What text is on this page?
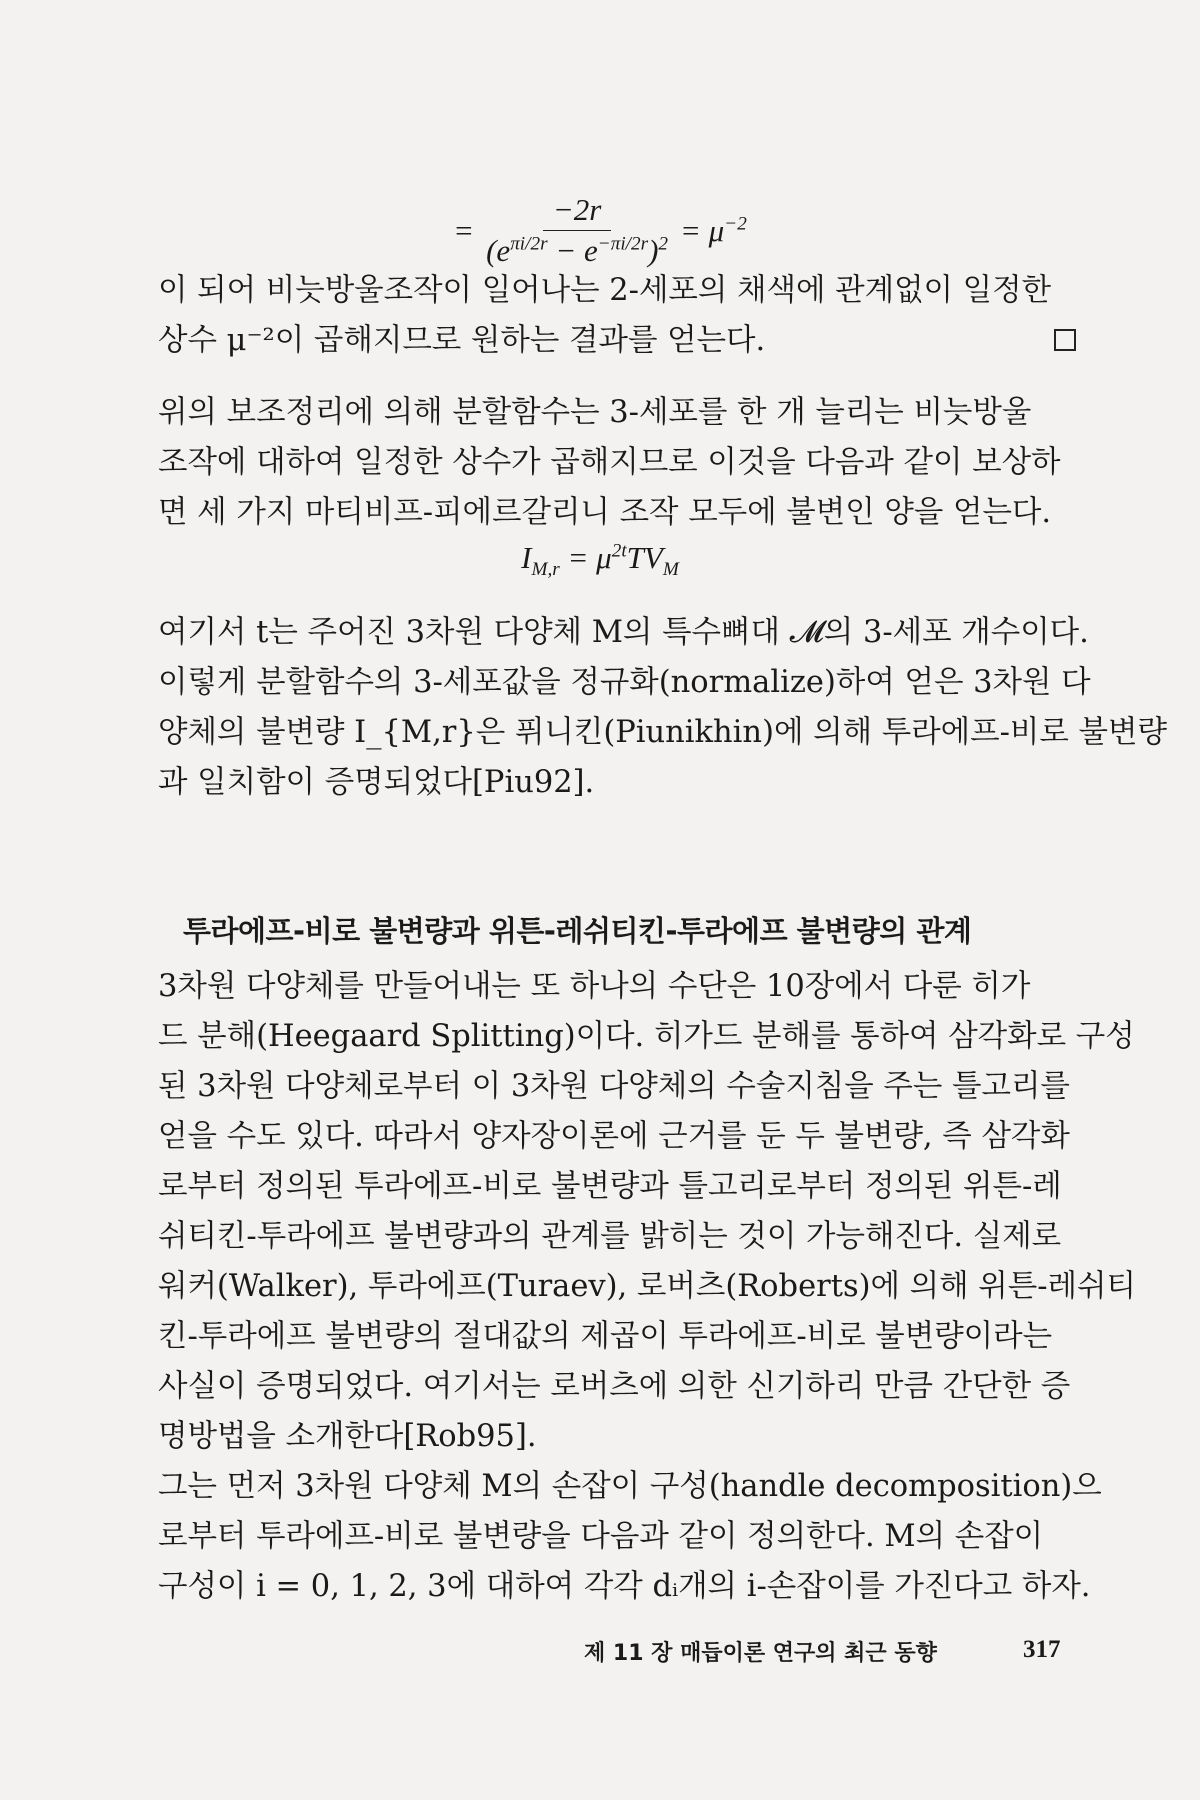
= $\frac{-2r}{(e^{\pi i/2r} - e^{-\pi i/2r})^2} = \mu^{-2}$

이 되어 비늣방울조작이 일어나는 2-세포의 채색에 관계없이 일정한
상수 μ⁻²이 곱해지므로 원하는 결과를 얻는다.

위의 보조정리에 의해 분할함수는 3-세포를 한 개 늘리는 비늣방울
조작에 대하여 일정한 상수가 곱해지므로 이것을 다음과 같이 보상하
면 세 가지 마티비프-피에르갈리니 조작 모두에 불변인 양을 얻는다.

$I_{M,r} = \mu^{2t}TV_M$

여기서 t는 주어진 3차원 다양체 M의 특수뼈대 𝓜의 3-세포 개수이다.
이렇게 분할함수의 3-세포값을 정규화(normalize)하여 얻은 3차원 다
양체의 불변량 I_{M,r}은 퓌니킨(Piunikhin)에 의해 투라에프-비로 불변량
과 일치함이 증명되었다[Piu92].

투라에프-비로 불변량과 위튼-레쉬티킨-투라에프 불변량의 관계

3차원 다양체를 만들어내는 또 하나의 수단은 10장에서 다룬 히가
드 분해(Heegaard Splitting)이다. 히가드 분해를 통하여 삼각화로 구성
된 3차원 다양체로부터 이 3차원 다양체의 수술지침을 주는 틀고리를
얻을 수도 있다. 따라서 양자장이론에 근거를 둔 두 불변량, 즉 삼각화
로부터 정의된 투라에프-비로 불변량과 틀고리로부터 정의된 위튼-레
쉬티킨-투라에프 불변량과의 관계를 밝히는 것이 가능해진다. 실제로
워커(Walker), 투라에프(Turaev), 로버츠(Roberts)에 의해 위튼-레쉬티
킨-투라에프 불변량의 절대값의 제곱이 투라에프-비로 불변량이라는
사실이 증명되었다. 여기서는 로버츠에 의한 신기하리 만큼 간단한 증
명방법을 소개한다[Rob95].

그는 먼저 3차원 다양체 M의 손잡이 구성(handle decomposition)으
로부터 투라에프-비로 불변량을 다음과 같이 정의한다. M의 손잡이
구성이 i = 0, 1, 2, 3에 대하여 각각 dᵢ개의 i-손잡이를 가진다고 하자.

제 11 장 매듭이론 연구의 최근 동향	317
